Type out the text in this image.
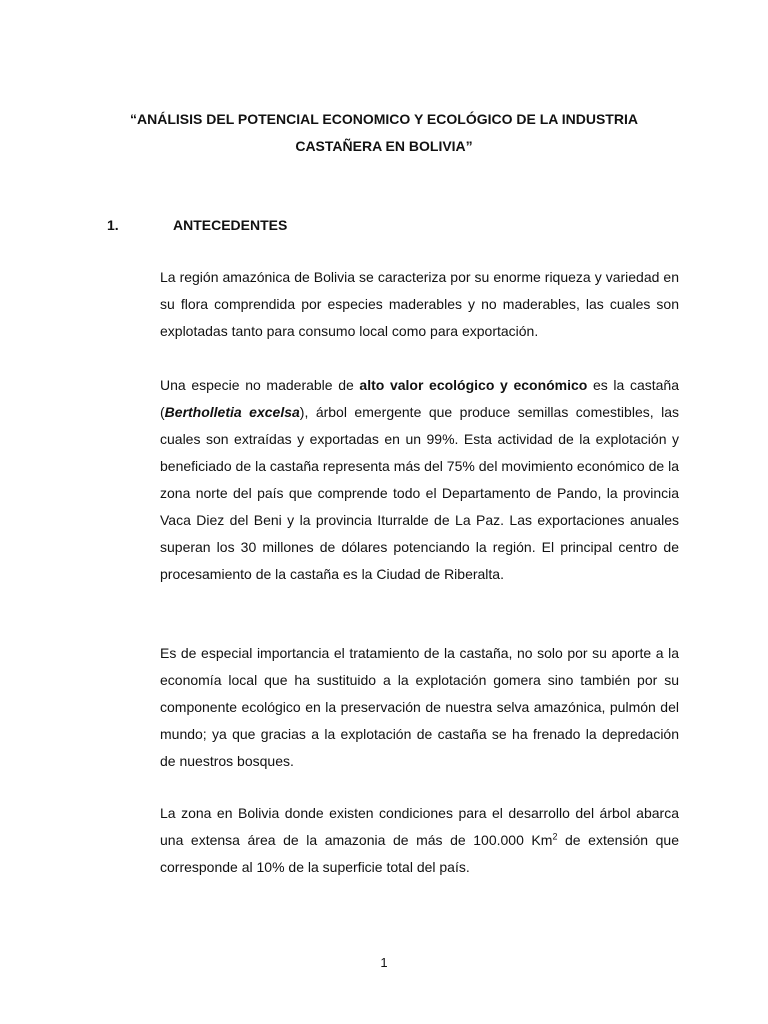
“ANÁLISIS DEL POTENCIAL ECONOMICO Y ECOLÓGICO DE LA INDUSTRIA CASTAÑERA EN BOLIVIA”
1.	ANTECEDENTES

La región amazónica de Bolivia se caracteriza por su enorme riqueza y variedad en su flora comprendida por especies maderables y no maderables, las cuales son explotadas tanto para consumo local como para exportación.

Una especie no maderable de alto valor ecológico y económico es la castaña (Bertholletia excelsa), árbol emergente que produce semillas comestibles, las cuales son extraídas y exportadas en un 99%. Esta actividad de la explotación y beneficiado de la castaña representa más del 75% del movimiento económico de la zona norte del país que comprende todo el Departamento de Pando, la provincia Vaca Diez del Beni y la provincia Iturralde de La Paz. Las exportaciones anuales superan los 30 millones de dólares potenciando la región. El principal centro de procesamiento de la castaña es la Ciudad de Riberalta.

Es de especial importancia el tratamiento de la castaña, no solo por su aporte a la economía local que ha sustituido a la explotación gomera sino también por su componente ecológico en la preservación de nuestra selva amazónica, pulmón del mundo; ya que gracias a la explotación de castaña se ha frenado la depredación de nuestros bosques.

La zona en Bolivia donde existen condiciones para el desarrollo del árbol abarca una extensa área de la amazonia de más de 100.000 Km$^2$ de extensión que corresponde al 10% de la superficie total del país.

1
